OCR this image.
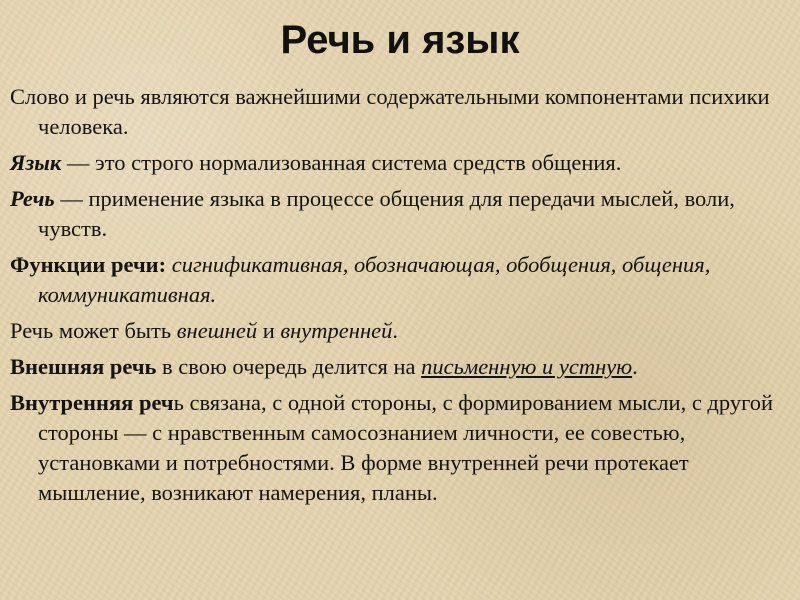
Речь и язык

Слово и речь являются важнейшими содержательными компонентами психики человека.

Язык — это строго нормализованная система средств общения.

Речь — применение языка в процессе общения для передачи мыслей, воли, чувств.

Функции речи: сигнификативная, обозначающая, обобщения, общения, коммуникативная.

Речь может быть внешней и внутренней.

Внешняя речь в свою очередь делится на письменную и устную.

Внутренняя речь связана, с одной стороны, с формированием мысли, с другой стороны — с нравственным самосознанием личности, ее совестью, установками и потребностями. В форме внутренней речи протекает мышление, возникают намерения, планы.
